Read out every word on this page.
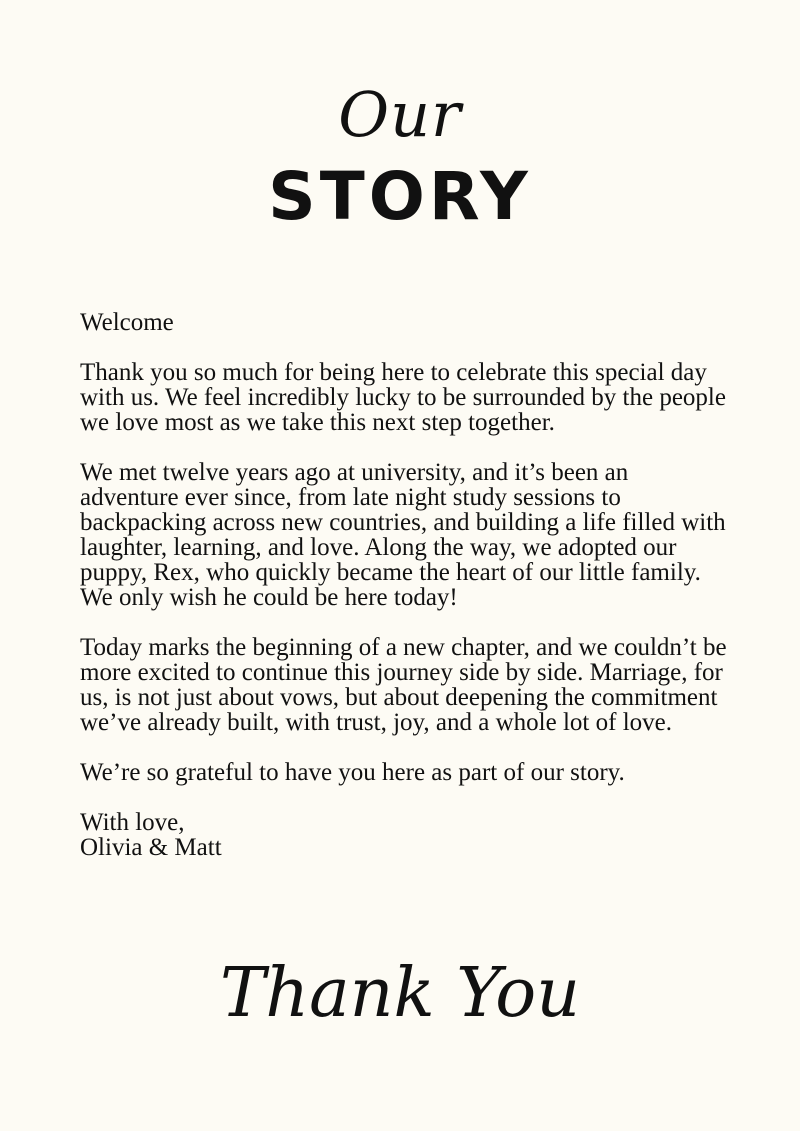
Our
STORY

Welcome

Thank you so much for being here to celebrate this special day with us. We feel incredibly lucky to be surrounded by the people we love most as we take this next step together.

We met twelve years ago at university, and it’s been an adventure ever since, from late night study sessions to backpacking across new countries, and building a life filled with laughter, learning, and love. Along the way, we adopted our puppy, Rex, who quickly became the heart of our little family. We only wish he could be here today!

Today marks the beginning of a new chapter, and we couldn’t be more excited to continue this journey side by side. Marriage, for us, is not just about vows, but about deepening the commitment we’ve already built, with trust, joy, and a whole lot of love.

We’re so grateful to have you here as part of our story.

With love,

Olivia & Matt

Thank You
